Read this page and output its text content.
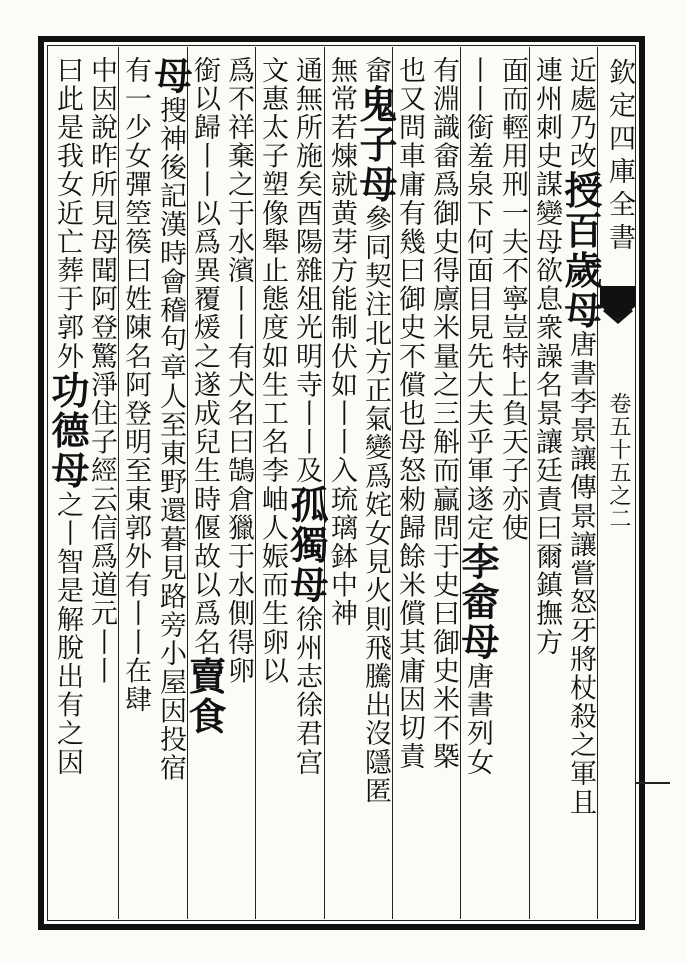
欽定四庫全書
卷五十五之二
近處乃改授百歲母唐書李景讓傳景讓嘗怒牙將杖殺之軍且
連州刺史謀變母欲息衆譟名景讓廷責曰爾鎮撫方
面而輕用刑一夫不寧豈特上負天子亦使
丨丨銜羞泉下何面目見先大夫乎軍遂定李畲母唐書列女
有淵識畲爲御史得廪米量之三斛而贏問于史曰御史米不槩
也又問車庸有幾曰御史不償也母怒勑歸餘米償其庸因切責
畲鬼子母參同契注北方正氣變爲姹女見火則飛騰出沒隱匿
無常若煉就黄芽方能制伏如丨丨入琉璃鉢中神
通無所施矣酉陽雜俎光明寺丨丨及孤獨母徐州志徐君宫
文惠太子塑像舉止態度如生工名李岫人娠而生卵以
爲不祥棄之于水濱丨丨有犬名曰鵠倉獵于水側得卵
銜以歸丨丨以爲異覆煖之遂成兒生時偃故以爲名賣食
母搜神後記漢時會稽句章人至東野還暮見路旁小屋因投宿
有一少女彈箜篌曰姓陳名阿登明至東郭外有丨丨在肆
中因說昨所見母聞阿登驚淨住子經云信爲道元丨丨
曰此是我女近亡葬于郭外功德母之丨智是解脫出有之因
